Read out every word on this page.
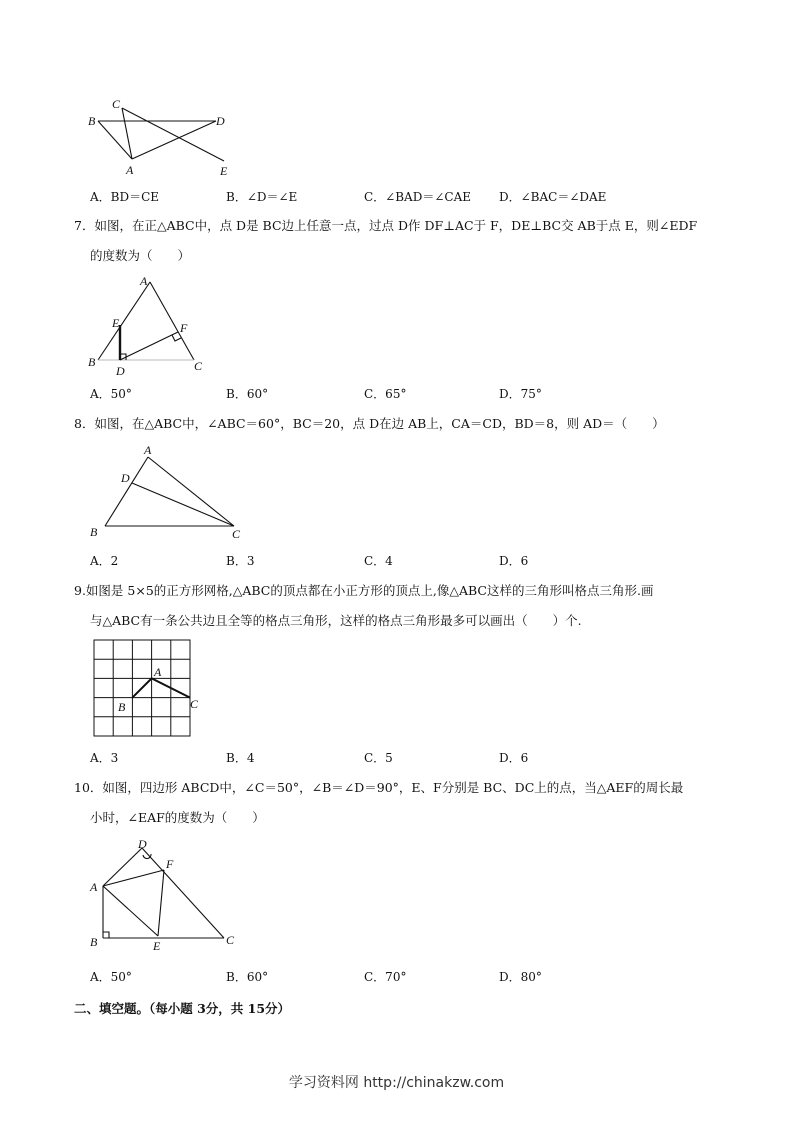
C
B	D
A	E
A．BD＝CE	B．∠D＝∠E	C．∠BAD＝∠CAE D．∠BAC＝∠DAE
7．如图，在正△ABC中，点 D是 BC边上任意一点，过点 D作 DF⊥AC于 F，DE⊥BC交 AB于点 E，则∠EDF
的度数为（　　）
A
E	F
B
D	C
A．50°	B．60°	C．65°	D．75°
8．如图，在△ABC中，∠ABC＝60°，BC＝20，点 D在边 AB上，CA＝CD，BD＝8，则 AD＝（　　）
A
D
B	C
A．2	B．3	C．4	D．6
9.如图是 5×5的正方形网格,△ABC的顶点都在小正方形的顶点上,像△ABC这样的三角形叫格点三角形.画
与△ABC有一条公共边且全等的格点三角形，这样的格点三角形最多可以画出（　　）个.
A
B	C
A．3	B．4	C．5	D．6
10．如图，四边形 ABCD中，∠C＝50°，∠B＝∠D＝90°，E、F分别是 BC、DC上的点，当△AEF的周长最
小时，∠EAF的度数为（　　）
D
F
A
B	E	C
A．50°	B．60°	C．70°	D．80°
二、填空题。（每小题 3分，共 15分）
学习资料网 http://chinakzw.com
